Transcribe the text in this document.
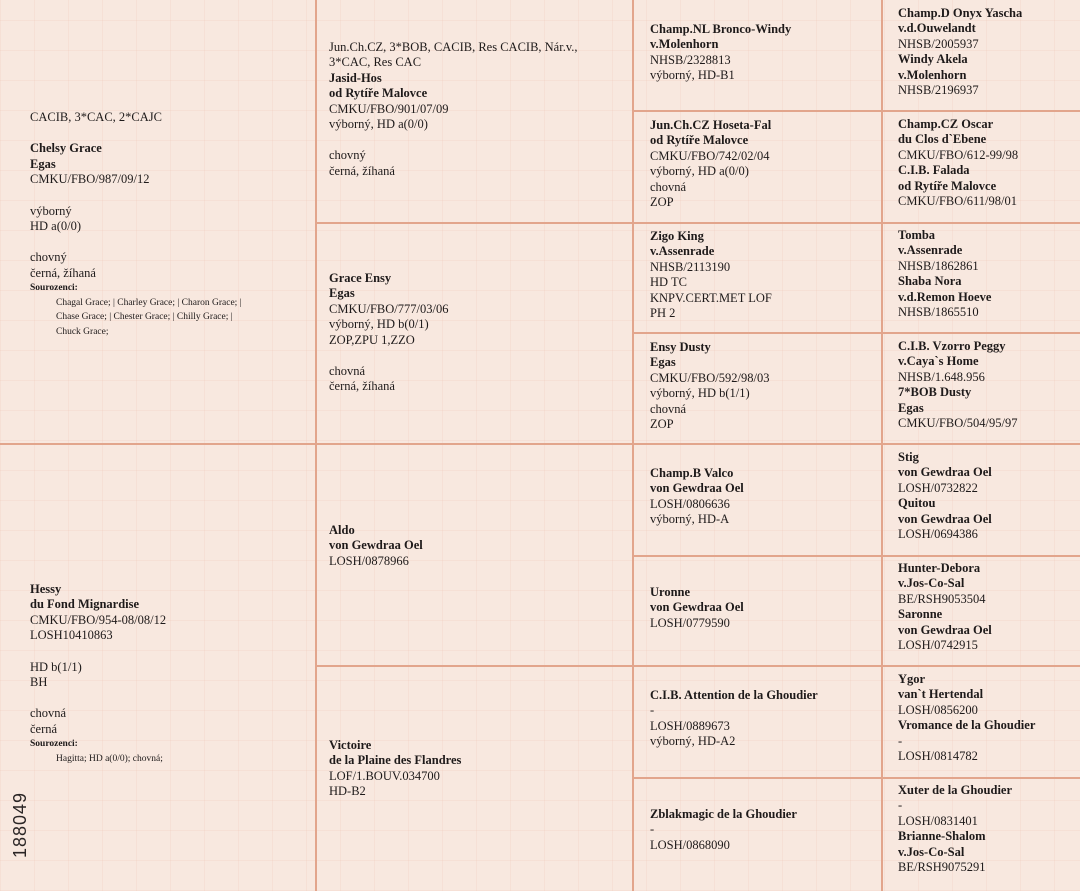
CACIB, 3*CAC, 2*CAJC
Chelsy Grace
Egas
CMKU/FBO/987/09/12
výborný
HD a(0/0)
chovný
černá, žíhaná
Sourozenci:
Chagal Grace; | Charley Grace; | Charon Grace; |
Chase Grace; | Chester Grace; | Chilly Grace; |
Chuck Grace;
Hessy
du Fond Mignardise
CMKU/FBO/954-08/08/12
LOSH10410863
HD b(1/1)
BH
chovná
černá
Sourozenci:
Hagitta; HD a(0/0); chovná;
188049
Jun.Ch.CZ, 3*BOB, CACIB, Res CACIB, Nár.v.,
3*CAC, Res CAC
Jasid-Hos
od Rytíře Malovce
CMKU/FBO/901/07/09
výborný, HD a(0/0)
chovný
černá, žíhaná
Grace Ensy
Egas
CMKU/FBO/777/03/06
výborný, HD b(0/1)
ZOP,ZPU 1,ZZO
chovná
černá, žíhaná
Aldo
von Gewdraa Oel
LOSH/0878966
Victoire
de la Plaine des Flandres
LOF/1.BOUV.034700
HD-B2
Champ.NL Bronco-Windy
v.Molenhorn
NHSB/2328813
výborný, HD-B1
Jun.Ch.CZ Hoseta-Fal
od Rytíře Malovce
CMKU/FBO/742/02/04
výborný, HD a(0/0)
chovná
ZOP
Zigo King
v.Assenrade
NHSB/2113190
HD TC
KNPV.CERT.MET LOF
PH 2
Ensy Dusty
Egas
CMKU/FBO/592/98/03
výborný, HD b(1/1)
chovná
ZOP
Champ.B Valco
von Gewdraa Oel
LOSH/0806636
výborný, HD-A
Uronne
von Gewdraa Oel
LOSH/0779590
C.I.B. Attention de la Ghoudier
-
LOSH/0889673
výborný, HD-A2
Zblakmagic de la Ghoudier
-
LOSH/0868090
Champ.D Onyx Yascha
v.d.Ouwelandt
NHSB/2005937
Windy Akela
v.Molenhorn
NHSB/2196937
Champ.CZ Oscar
du Clos d`Ebene
CMKU/FBO/612-99/98
C.I.B. Falada
od Rytíře Malovce
CMKU/FBO/611/98/01
Tomba
v.Assenrade
NHSB/1862861
Shaba Nora
v.d.Remon Hoeve
NHSB/1865510
C.I.B. Vzorro Peggy
v.Caya`s Home
NHSB/1.648.956
7*BOB Dusty
Egas
CMKU/FBO/504/95/97
Stig
von Gewdraa Oel
LOSH/0732822
Quitou
von Gewdraa Oel
LOSH/0694386
Hunter-Debora
v.Jos-Co-Sal
BE/RSH9053504
Saronne
von Gewdraa Oel
LOSH/0742915
Ygor
van`t Hertendal
LOSH/0856200
Vromance de la Ghoudier
-
LOSH/0814782
Xuter de la Ghoudier
-
LOSH/0831401
Brianne-Shalom
v.Jos-Co-Sal
BE/RSH9075291
